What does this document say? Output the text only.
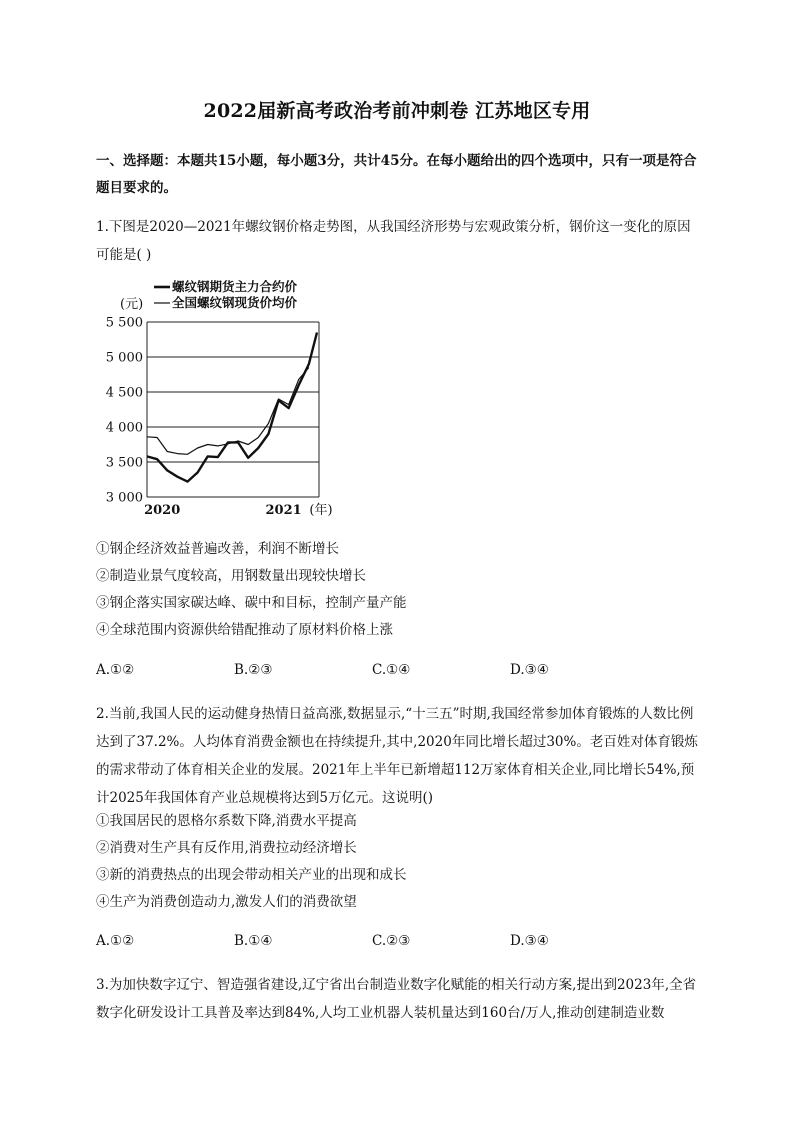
2022届新高考政治考前冲刺卷 江苏地区专用
一、选择题：本题共15小题，每小题3分，共计45分。在每小题给出的四个选项中，只有一项是符合题目要求的。
1.下图是2020—2021年螺纹钢价格走势图，从我国经济形势与宏观政策分析，钢价这一变化的原因可能是( )
3 000
3 500
4 000
4 500
5 000
5 500
(元)
2020	2021 (年)
螺纹钢期货主力合约价
全国螺纹钢现货价均价
①钢企经济效益普遍改善，利润不断增长
②制造业景气度较高，用钢数量出现较快增长
③钢企落实国家碳达峰、碳中和目标，控制产量产能
④全球范围内资源供给错配推动了原材料价格上涨
A.①②	B.②③	C.①④	D.③④
2.当前,我国人民的运动健身热情日益高涨,数据显示,“十三五”时期,我国经常参加体育锻炼的人数比例达到了37.2%。人均体育消费金额也在持续提升,其中,2020年同比增长超过30%。老百姓对体育锻炼的需求带动了体育相关企业的发展。2021年上半年已新增超112万家体育相关企业,同比增长54%,预计2025年我国体育产业总规模将达到5万亿元。这说明()
①我国居民的恩格尔系数下降,消费水平提高
②消费对生产具有反作用,消费拉动经济增长
③新的消费热点的出现会带动相关产业的出现和成长
④生产为消费创造动力,激发人们的消费欲望
A.①②	B.①④	C.②③	D.③④
3.为加快数字辽宁、智造强省建设,辽宁省出台制造业数字化赋能的相关行动方案,提出到2023年,全省数字化研发设计工具普及率达到84%,人均工业机器人装机量达到160台/万人,推动创建制造业数
